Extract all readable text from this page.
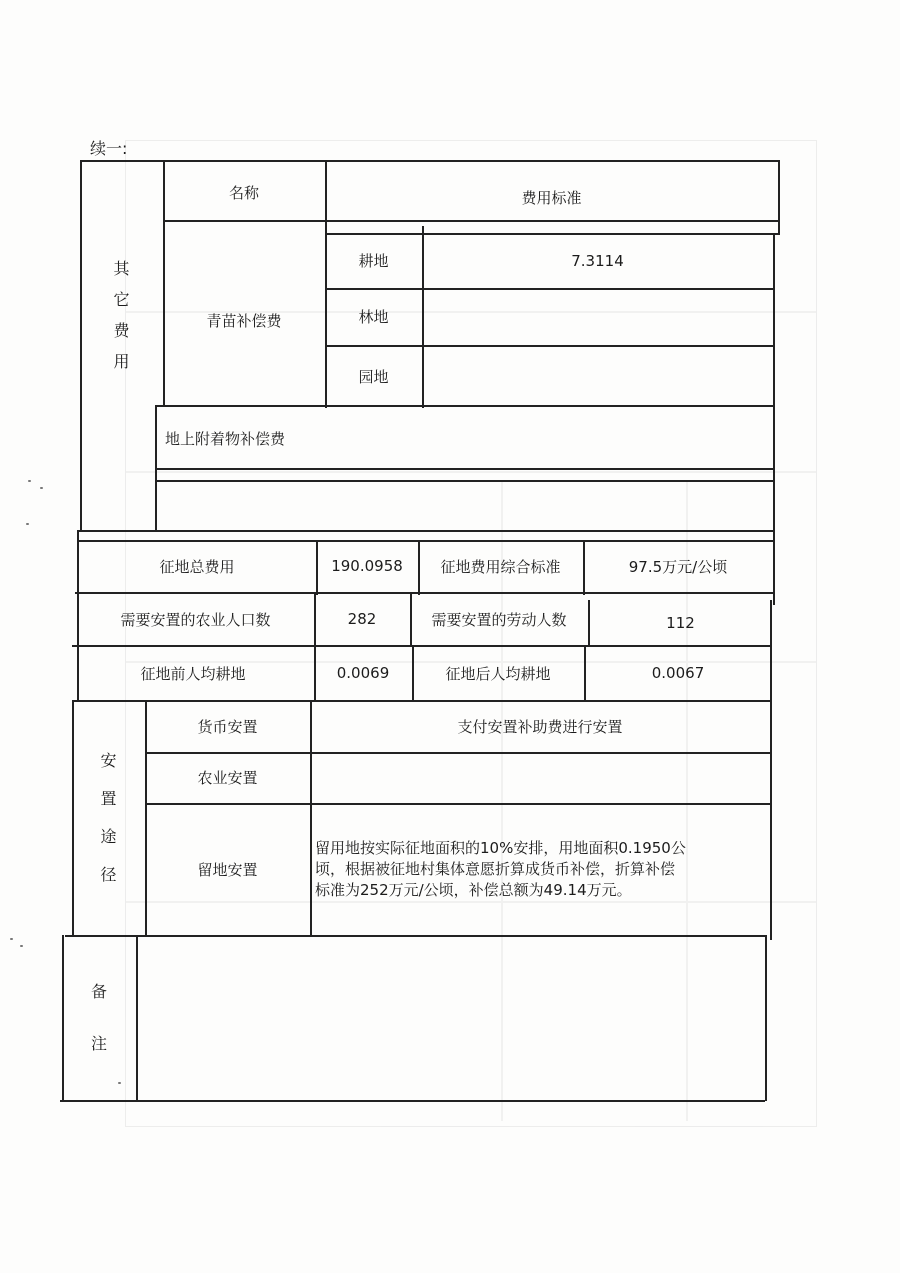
续一:
其
它
费
用
名称	费用标准
青苗补偿费
耕地	7.3114
林地
园地
地上附着物补偿费
征地总费用	190.0958	征地费用综合标准	97.5万元/公顷
需要安置的农业人口数	282	需要安置的劳动人数	112
征地前人均耕地	0.0069	征地后人均耕地	0.0067
安
置
途
径
货币安置	支付安置补助费进行安置
农业安置
留地安置
留用地按实际征地面积的10%安排，用地面积0.1950公
顷，根据被征地村集体意愿折算成货币补偿，折算补偿
标准为252万元/公顷，补偿总额为49.14万元。
备
注
